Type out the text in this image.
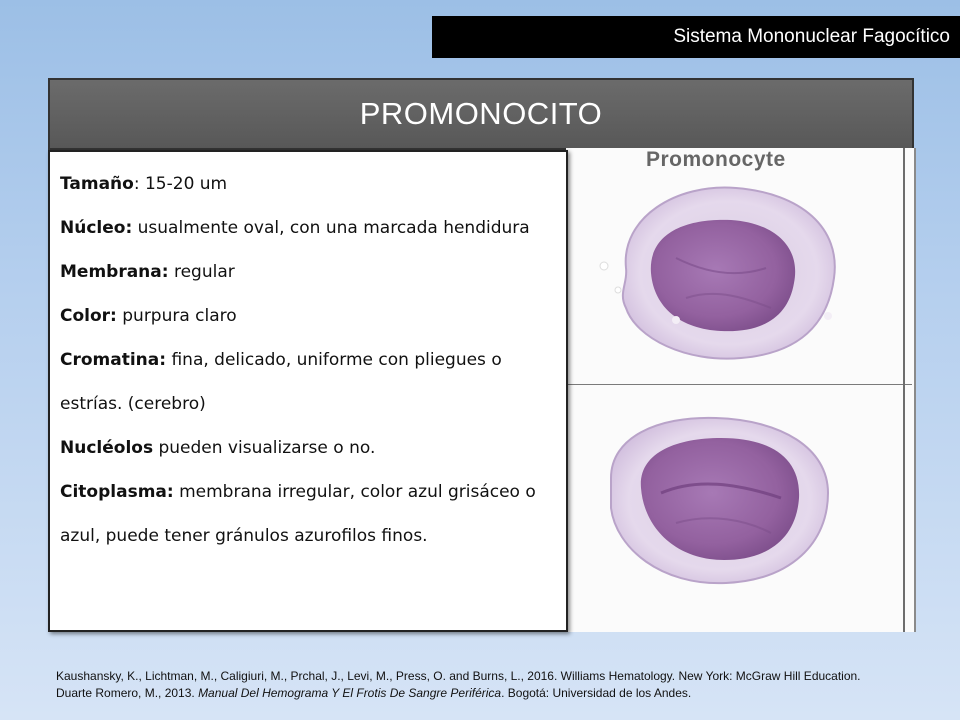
Sistema Mononuclear Fagocítico
PROMONOCITO
Promonocyte
Tamaño: 15-20 um
Núcleo: usualmente oval, con una marcada hendidura
Membrana: regular
Color: purpura claro
Cromatina: fina, delicado, uniforme con pliegues o estrías. (cerebro)
Nucléolos pueden visualizarse o no.
Citoplasma: membrana irregular, color azul grisáceo o azul, puede tener gránulos azurofilos finos.
Kaushansky, K., Lichtman, M., Caligiuri, M., Prchal, J., Levi, M., Press, O. and Burns, L., 2016. Williams Hematology. New York: McGraw Hill Education.
Duarte Romero, M., 2013. Manual Del Hemograma Y El Frotis De Sangre Periférica. Bogotá: Universidad de los Andes.
